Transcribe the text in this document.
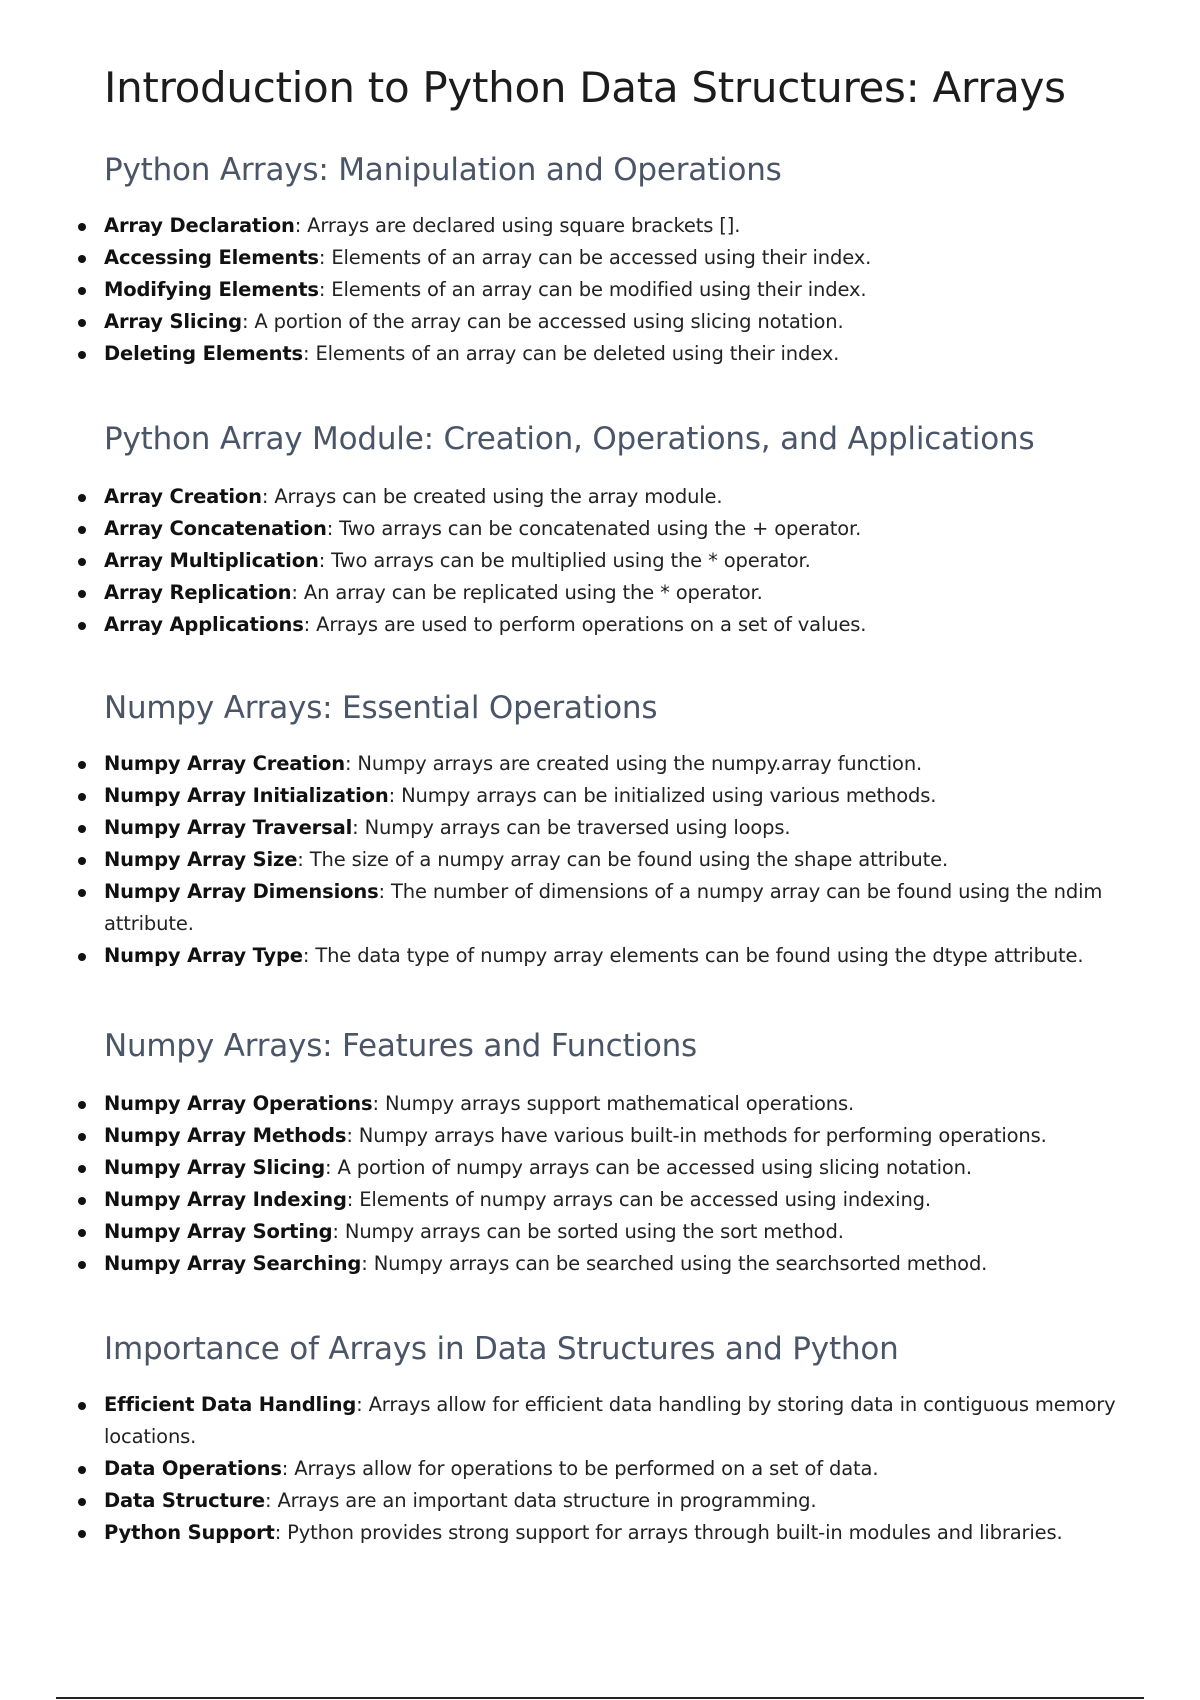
Introduction to Python Data Structures: Arrays
Python Arrays: Manipulation and Operations
Array Declaration: Arrays are declared using square brackets [].
Accessing Elements: Elements of an array can be accessed using their index.
Modifying Elements: Elements of an array can be modified using their index.
Array Slicing: A portion of the array can be accessed using slicing notation.
Deleting Elements: Elements of an array can be deleted using their index.
Python Array Module: Creation, Operations, and Applications
Array Creation: Arrays can be created using the array module.
Array Concatenation: Two arrays can be concatenated using the + operator.
Array Multiplication: Two arrays can be multiplied using the * operator.
Array Replication: An array can be replicated using the * operator.
Array Applications: Arrays are used to perform operations on a set of values.
Numpy Arrays: Essential Operations
Numpy Array Creation: Numpy arrays are created using the numpy.array function.
Numpy Array Initialization: Numpy arrays can be initialized using various methods.
Numpy Array Traversal: Numpy arrays can be traversed using loops.
Numpy Array Size: The size of a numpy array can be found using the shape attribute.
Numpy Array Dimensions: The number of dimensions of a numpy array can be found using the ndim attribute.
Numpy Array Type: The data type of numpy array elements can be found using the dtype attribute.
Numpy Arrays: Features and Functions
Numpy Array Operations: Numpy arrays support mathematical operations.
Numpy Array Methods: Numpy arrays have various built-in methods for performing operations.
Numpy Array Slicing: A portion of numpy arrays can be accessed using slicing notation.
Numpy Array Indexing: Elements of numpy arrays can be accessed using indexing.
Numpy Array Sorting: Numpy arrays can be sorted using the sort method.
Numpy Array Searching: Numpy arrays can be searched using the searchsorted method.
Importance of Arrays in Data Structures and Python
Efficient Data Handling: Arrays allow for efficient data handling by storing data in contiguous memory locations.
Data Operations: Arrays allow for operations to be performed on a set of data.
Data Structure: Arrays are an important data structure in programming.
Python Support: Python provides strong support for arrays through built-in modules and libraries.
